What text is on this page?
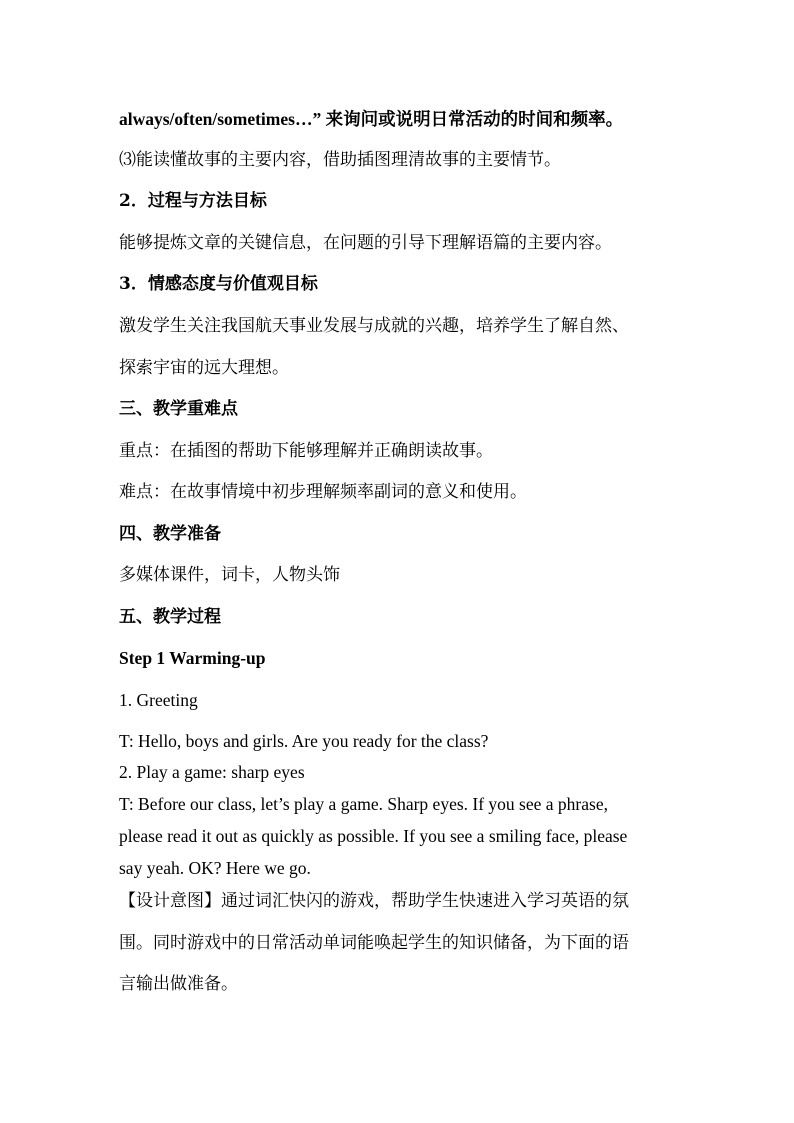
always/often/sometimes…” 来询问或说明日常活动的时间和频率。
⑶能读懂故事的主要内容，借助插图理清故事的主要情节。
2．过程与方法目标
能够提炼文章的关键信息，在问题的引导下理解语篇的主要内容。
3．情感态度与价值观目标
激发学生关注我国航天事业发展与成就的兴趣，培养学生了解自然、
探索宇宙的远大理想。
三、教学重难点
重点：在插图的帮助下能够理解并正确朗读故事。
难点：在故事情境中初步理解频率副词的意义和使用。
四、教学准备
多媒体课件，词卡，人物头饰
五、教学过程
Step 1 Warming-up
1. Greeting
T: Hello, boys and girls. Are you ready for the class?
2. Play a game: sharp eyes
T: Before our class, let’s play a game. Sharp eyes. If you see a phrase,
please read it out as quickly as possible. If you see a smiling face, please
say yeah. OK? Here we go.
【设计意图】通过词汇快闪的游戏，帮助学生快速进入学习英语的氛
围。同时游戏中的日常活动单词能唤起学生的知识储备，为下面的语
言输出做准备。
